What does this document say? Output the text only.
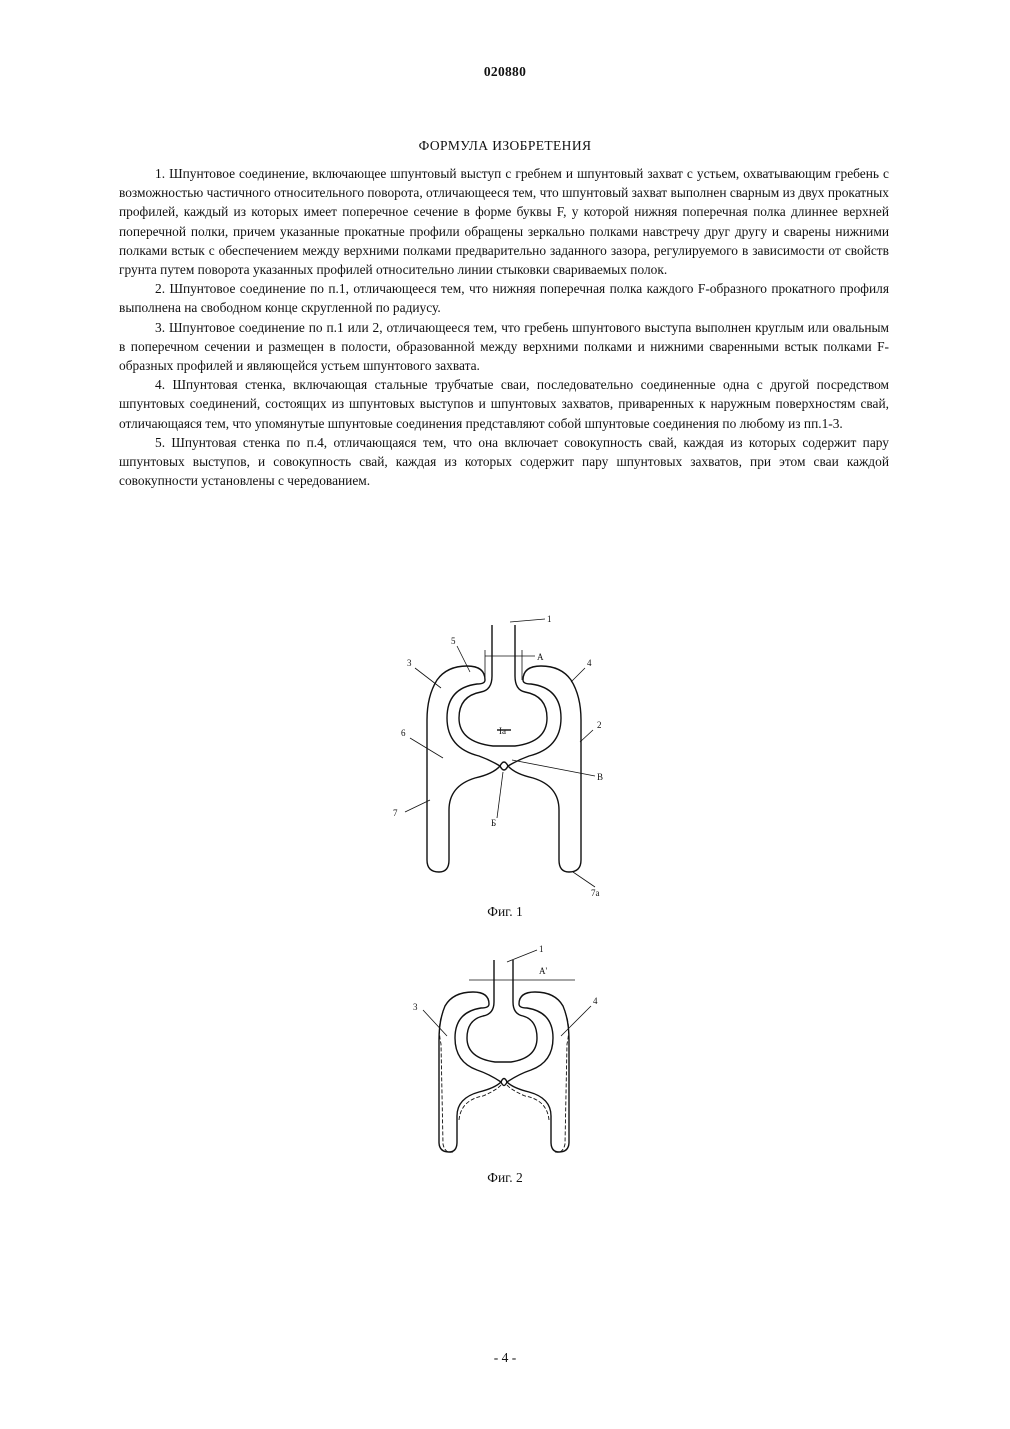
020880
ФОРМУЛА ИЗОБРЕТЕНИЯ

1. Шпунтовое соединение, включающее шпунтовый выступ с гребнем и шпунтовый захват с устьем, охватывающим гребень с возможностью частичного относительного поворота, отличающееся тем, что шпунтовый захват выполнен сварным из двух прокатных профилей, каждый из которых имеет поперечное сечение в форме буквы F, у которой нижняя поперечная полка длиннее верхней поперечной полки, причем указанные прокатные профили обращены зеркально полками навстречу друг другу и сварены нижними полками встык с обеспечением между верхними полками предварительно заданного зазора, регулируемого в зависимости от свойств грунта путем поворота указанных профилей относительно линии стыковки свариваемых полок.

2. Шпунтовое соединение по п.1, отличающееся тем, что нижняя поперечная полка каждого F-образного прокатного профиля выполнена на свободном конце скругленной по радиусу.

3. Шпунтовое соединение по п.1 или 2, отличающееся тем, что гребень шпунтового выступа выполнен круглым или овальным в поперечном сечении и размещен в полости, образованной между верхними полками и нижними сваренными встык полками F-образных профилей и являющейся устьем шпунтового захвата.

4. Шпунтовая стенка, включающая стальные трубчатые сваи, последовательно соединенные одна с другой посредством шпунтовых соединений, состоящих из шпунтовых выступов и шпунтовых захватов, приваренных к наружным поверхностям свай, отличающаяся тем, что упомянутые шпунтовые соединения представляют собой шпунтовые соединения по любому из пп.1-3.

5. Шпунтовая стенка по п.4, отличающаяся тем, что она включает совокупность свай, каждая из которых содержит пару шпунтовых выступов, и совокупность свай, каждая из которых содержит пару шпунтовых захватов, при этом сваи каждой совокупности установлены с чередованием.

1
A
5
3	4
2
Ia
6
B
7
Б
7a
Фиг. 1
1
A'
3
4
Фиг. 2
- 4 -
